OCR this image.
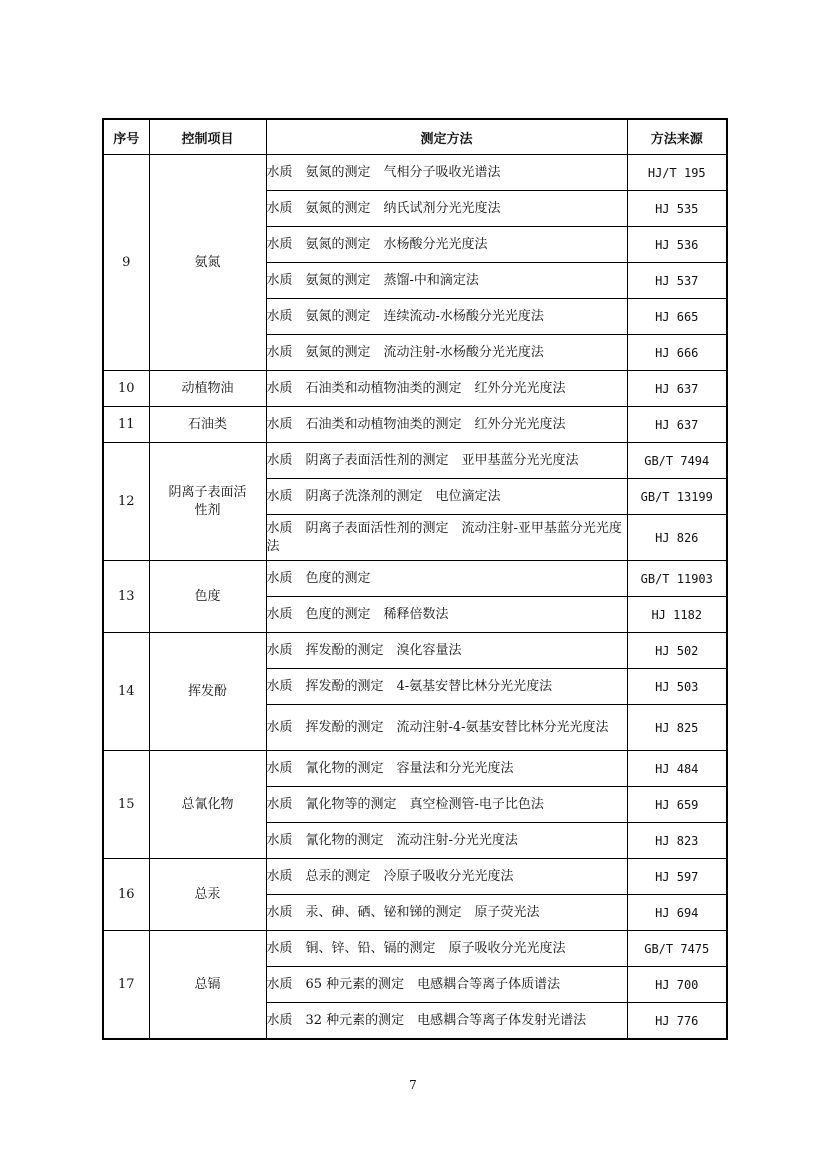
序号	控制项目	测定方法	方法来源
9	氨氮	水质　氨氮的测定　气相分子吸收光谱法	HJ/T 195
		水质　氨氮的测定　纳氏试剂分光光度法	HJ 535
		水质　氨氮的测定　水杨酸分光光度法	HJ 536
		水质　氨氮的测定　蒸馏-中和滴定法	HJ 537
		水质　氨氮的测定　连续流动-水杨酸分光光度法	HJ 665
		水质　氨氮的测定　流动注射-水杨酸分光光度法	HJ 666
10	动植物油	水质　石油类和动植物油类的测定　红外分光光度法	HJ 637
11	石油类	水质　石油类和动植物油类的测定　红外分光光度法	HJ 637
12	阴离子表面活性剂	水质　阴离子表面活性剂的测定　亚甲基蓝分光光度法	GB/T 7494
		水质　阴离子洗涤剂的测定　电位滴定法	GB/T 13199
		水质　阴离子表面活性剂的测定　流动注射-亚甲基蓝分光光度法	HJ 826
13	色度	水质　色度的测定	GB/T 11903
		水质　色度的测定　稀释倍数法	HJ 1182
14	挥发酚	水质　挥发酚的测定　溴化容量法	HJ 502
		水质　挥发酚的测定　4-氨基安替比林分光光度法	HJ 503
		水质　挥发酚的测定　流动注射-4-氨基安替比林分光光度法	HJ 825
15	总氰化物	水质　氰化物的测定　容量法和分光光度法	HJ 484
		水质　氰化物等的测定　真空检测管-电子比色法	HJ 659
		水质　氰化物的测定　流动注射-分光光度法	HJ 823
16	总汞	水质　总汞的测定　冷原子吸收分光光度法	HJ 597
		水质　汞、砷、硒、铋和锑的测定　原子荧光法	HJ 694
17	总镉	水质　铜、锌、铅、镉的测定　原子吸收分光光度法	GB/T 7475
		水质　65 种元素的测定　电感耦合等离子体质谱法	HJ 700
		水质　32 种元素的测定　电感耦合等离子体发射光谱法	HJ 776
7
